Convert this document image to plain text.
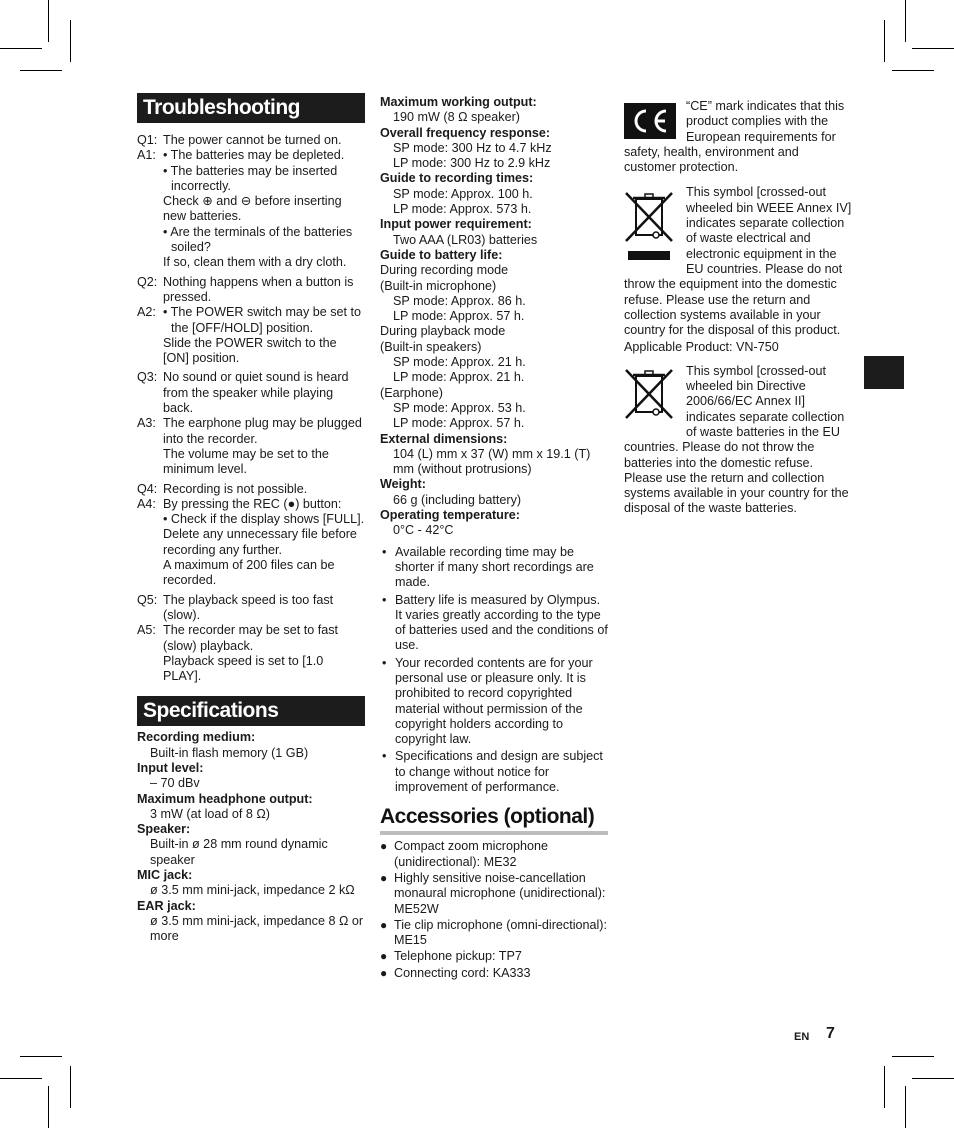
Troubleshooting
Q1: The power cannot be turned on.
A1: • The batteries may be depleted.
• The batteries may be inserted incorrectly.
Check ⊕ and ⊖ before inserting new batteries.
• Are the terminals of the batteries soiled?
If so, clean them with a dry cloth.
Q2: Nothing happens when a button is pressed.
A2: • The POWER switch may be set to the [OFF/HOLD] position.
Slide the POWER switch to the [ON] position.
Q3: No sound or quiet sound is heard from the speaker while playing back.
A3: The earphone plug may be plugged into the recorder.
The volume may be set to the minimum level.
Q4: Recording is not possible.
A4: By pressing the REC (●) button:
• Check if the display shows [FULL].
Delete any unnecessary file before recording any further.
A maximum of 200 files can be recorded.
Q5: The playback speed is too fast (slow).
A5: The recorder may be set to fast (slow) playback.
Playback speed is set to [1.0 PLAY].
Specifications
Recording medium:
Built-in flash memory (1 GB)
Input level:
– 70 dBv
Maximum headphone output:
3 mW (at load of 8 Ω)
Speaker:
Built-in ø 28 mm round dynamic speaker
MIC jack:
ø 3.5 mm mini-jack, impedance 2 kΩ
EAR jack:
ø 3.5 mm mini-jack, impedance 8 Ω or more
Maximum working output:
190 mW (8 Ω speaker)
Overall frequency response:
SP mode: 300 Hz to 4.7 kHz
LP mode: 300 Hz to 2.9 kHz
Guide to recording times:
SP mode: Approx. 100 h.
LP mode: Approx. 573 h.
Input power requirement:
Two AAA (LR03) batteries
Guide to battery life:
During recording mode
(Built-in microphone)
SP mode: Approx. 86 h.
LP mode: Approx. 57 h.
During playback mode
(Built-in speakers)
SP mode: Approx. 21 h.
LP mode: Approx. 21 h.
(Earphone)
SP mode: Approx. 53 h.
LP mode: Approx. 57 h.
External dimensions:
104 (L) mm x 37 (W) mm x 19.1 (T) mm (without protrusions)
Weight:
66 g (including battery)
Operating temperature:
0°C - 42°C
• Available recording time may be shorter if many short recordings are made.
• Battery life is measured by Olympus. It varies greatly according to the type of batteries used and the conditions of use.
• Your recorded contents are for your personal use or pleasure only. It is prohibited to record copyrighted material without permission of the copyright holders according to copyright law.
• Specifications and design are subject to change without notice for improvement of performance.
Accessories (optional)
● Compact zoom microphone (unidirectional): ME32
● Highly sensitive noise-cancellation monaural microphone (unidirectional): ME52W
● Tie clip microphone (omni-directional): ME15
● Telephone pickup: TP7
● Connecting cord: KA333
“CE” mark indicates that this product complies with the European requirements for safety, health, environment and customer protection.
This symbol [crossed-out wheeled bin WEEE Annex IV] indicates separate collection of waste electrical and electronic equipment in the EU countries. Please do not throw the equipment into the domestic refuse. Please use the return and collection systems available in your country for the disposal of this product.
Applicable Product: VN-750
This symbol [crossed-out wheeled bin Directive 2006/66/EC Annex II] indicates separate collection of waste batteries in the EU countries. Please do not throw the batteries into the domestic refuse. Please use the return and collection systems available in your country for the disposal of the waste batteries.
EN 7
